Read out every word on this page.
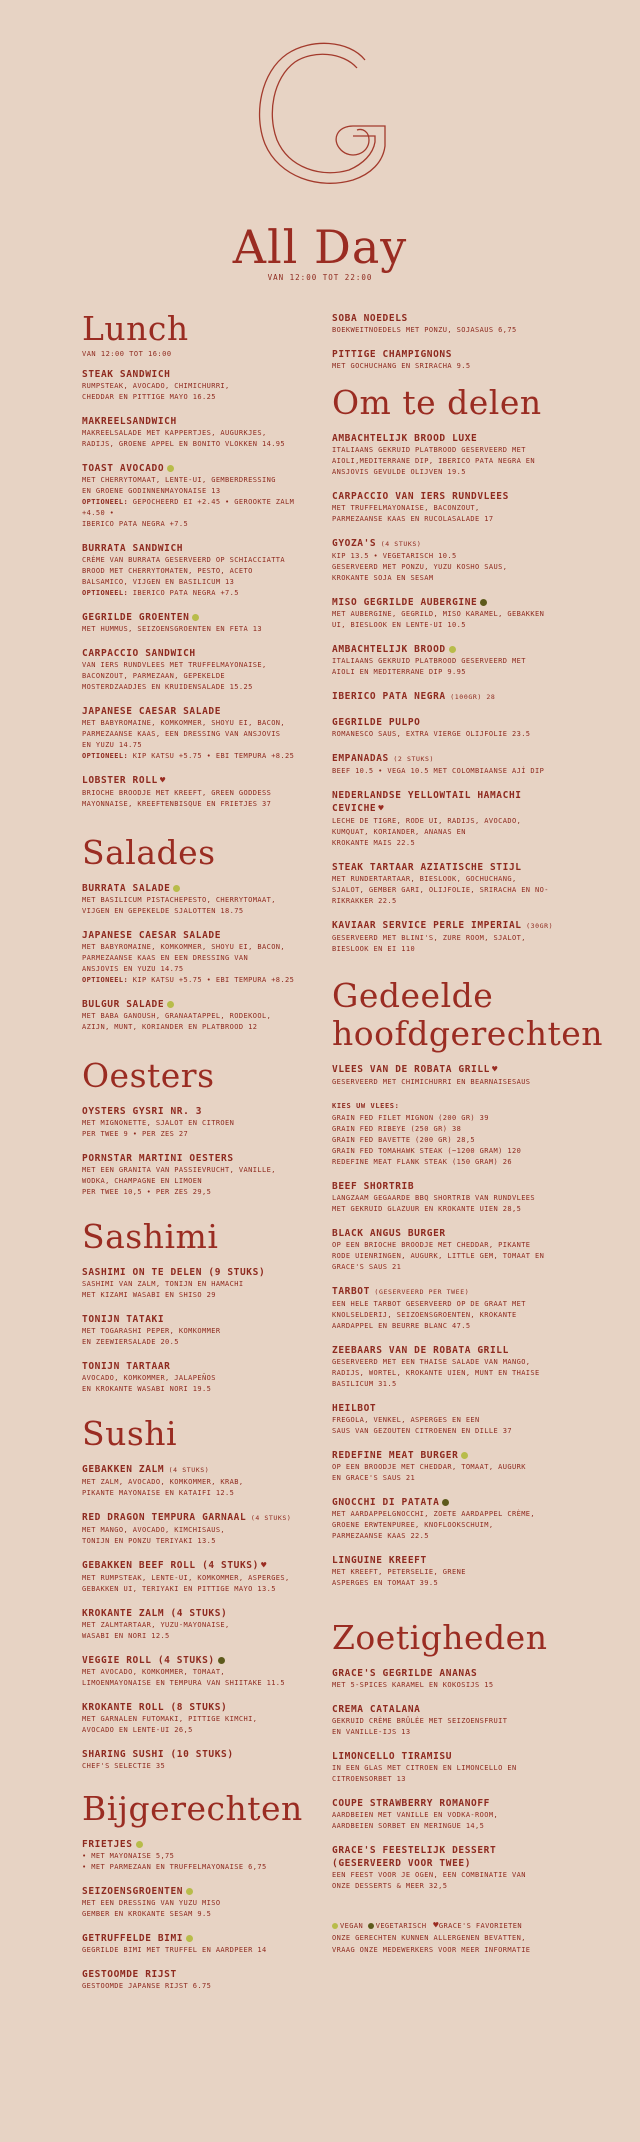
All Day
VAN 12:00 TOT 22:00
Lunch
VAN 12:00 TOT 16:00
STEAK SANDWICH
RUMPSTEAK, AVOCADO, CHIMICHURRI,
CHEDDAR EN PITTIGE MAYO 16.25
MAKREELSANDWICH
MAKREELSALADE MET KAPPERTJES, AUGURKJES,
RADIJS, GROENE APPEL EN BONITO VLOKKEN 14.95
TOAST AVOCADO
MET CHERRYTOMAAT, LENTE-UI, GEMBERDRESSING
EN GROENE GODINNENMAYONAISE 13
OPTIONEEL: GEPOCHEERD EI +2.45 • GEROOKTE ZALM +4.50 •
IBERICO PATA NEGRA +7.5
BURRATA SANDWICH
CRÈME VAN BURRATA GESERVEERD OP SCHIACCIATTA
BROOD MET CHERRYTOMATEN, PESTO, ACETO
BALSAMICO, VIJGEN EN BASILICUM 13
OPTIONEEL: IBERICO PATA NEGRA +7.5
GEGRILDE GROENTEN
MET HUMMUS, SEIZOENSGROENTEN EN FETA 13
CARPACCIO SANDWICH
VAN IERS RUNDVLEES MET TRUFFELMAYONAISE,
BACONZOUT, PARMEZAAN, GEPEKELDE
MOSTERDZAADJES EN KRUIDENSALADE 15.25
JAPANESE CAESAR SALADE
MET BABYROMAINE, KOMKOMMER, SHOYU EI, BACON,
PARMEZAANSE KAAS, EEN DRESSING VAN ANSJOVIS
EN YUZU 14.75
OPTIONEEL: KIP KATSU +5.75 • EBI TEMPURA +8.25
LOBSTER ROLL ♥
BRIOCHE BROODJE MET KREEFT, GREEN GODDESS
MAYONNAISE, KREEFTENBISQUE EN FRIETJES 37
Salades
BURRATA SALADE
MET BASILICUM PISTACHEPESTO, CHERRYTOMAAT,
VIJGEN EN GEPEKELDE SJALOTTEN 18.75
JAPANESE CAESAR SALADE
MET BABYROMAINE, KOMKOMMER, SHOYU EI, BACON,
PARMEZAANSE KAAS EN EEN DRESSING VAN
ANSJOVIS EN YUZU 14.75
OPTIONEEL: KIP KATSU +5.75 • EBI TEMPURA +8.25
BULGUR SALADE
MET BABA GANOUSH, GRANAATAPPEL, RODEKOOL,
AZIJN, MUNT, KORIANDER EN PLATBROOD 12
Oesters
OYSTERS GYSRI NR. 3
MET MIGNONETTE, SJALOT EN CITROEN
PER TWEE 9 • PER ZES 27
PORNSTAR MARTINI OESTERS
MET EEN GRANITA VAN PASSIEVRUCHT, VANILLE,
WODKA, CHAMPAGNE EN LIMOEN
PER TWEE 10,5 • PER ZES 29,5
Sashimi
SASHIMI ON TE DELEN (9 STUKS)
SASHIMI VAN ZALM, TONIJN EN HAMACHI
MET KIZAMI WASABI EN SHISO 29
TONIJN TATAKI
MET TOGARASHI PEPER, KOMKOMMER
EN ZEEWIERSALADE 20.5
TONIJN TARTAAR
AVOCADO, KOMKOMMER, JALAPEÑOS
EN KROKANTE WASABI NORI 19.5
Sushi
GEBAKKEN ZALM (4 STUKS)
MET ZALM, AVOCADO, KOMKOMMER, KRAB,
PIKANTE MAYONAISE EN KATAIFI 12.5
RED DRAGON TEMPURA GARNAAL (4 STUKS)
MET MANGO, AVOCADO, KIMCHISAUS,
TONIJN EN PONZU TERIYAKI 13.5
GEBAKKEN BEEF ROLL (4 STUKS) ♥
MET RUMPSTEAK, LENTE-UI, KOMKOMMER, ASPERGES,
GEBAKKEN UI, TERIYAKI EN PITTIGE MAYO 13.5
KROKANTE ZALM (4 STUKS)
MET ZALMTARTAAR, YUZU-MAYONAISE,
WASABI EN NORI 12.5
VEGGIE ROLL (4 STUKS)
MET AVOCADO, KOMKOMMER, TOMAAT,
LIMOENMAYONAISE EN TEMPURA VAN SHIITAKE 11.5
KROKANTE ROLL (8 STUKS)
MET GARNALEN FUTOMAKI, PITTIGE KIMCHI,
AVOCADO EN LENTE-UI 26,5
SHARING SUSHI (10 STUKS)
CHEF'S SELECTIE 35
Bijgerechten
FRIETJES
• MET MAYONAISE 5,75
• MET PARMEZAAN EN TRUFFELMAYONAISE 6,75
SEIZOENSGROENTEN
MET EEN DRESSING VAN YUZU MISO
GEMBER EN KROKANTE SESAM 9.5
GETRUFFELDE BIMI
GEGRILDE BIMI MET TRUFFEL EN AARDPEER 14
GESTOOMDE RIJST
GESTOOMDE JAPANSE RIJST 6.75
SOBA NOEDELS
BOEKWEITNOEDELS MET PONZU, SOJASAUS 6,75
PITTIGE CHAMPIGNONS
MET GOCHUCHANG EN SRIRACHA 9.5
Om te delen
AMBACHTELIJK BROOD LUXE
ITALIAANS GEKRUID PLATBROOD GESERVEERD MET
AIOLI,MEDITERRANE DIP, IBERICO PATA NEGRA EN
ANSJOVIS GEVULDE OLIJVEN 19.5
CARPACCIO VAN IERS RUNDVLEES
MET TRUFFELMAYONAISE, BACONZOUT,
PARMEZAANSE KAAS EN RUCOLASALADE 17
GYOZA'S (4 STUKS)
KIP 13.5 • VEGETARISCH 10.5
GESERVEERD MET PONZU, YUZU KOSHO SAUS,
KROKANTE SOJA EN SESAM
MISO GEGRILDE AUBERGINE
MET AUBERGINE, GEGRILD, MISO KARAMEL, GEBAKKEN
UI, BIESLOOK EN LENTE-UI 10.5
AMBACHTELIJK BROOD
ITALIAANS GEKRUID PLATBROOD GESERVEERD MET
AIOLI EN MEDITERRANE DIP 9.95
IBERICO PATA NEGRA (100GR) 28
GEGRILDE PULPO
ROMANESCO SAUS, EXTRA VIERGE OLIJFOLIE 23.5
EMPANADAS (2 STUKS)
BEEF 10.5 • VEGA 10.5 MET COLOMBIAANSE AJÍ DIP
NEDERLANDSE YELLOWTAIL HAMACHI CEVICHE ♥
LECHE DE TIGRE, RODE UI, RADIJS, AVOCADO,
KUMQUAT, KORIANDER, ANANAS EN
KROKANTE MAIS 22.5
STEAK TARTAAR AZIATISCHE STIJL
MET RUNDERTARTAAR, BIESLOOK, GOCHUCHANG,
SJALOT, GEMBER GARI, OLIJFOLIE, SRIRACHA EN NO-
RIKRAKKER 22.5
KAVIAAR SERVICE PERLE IMPERIAL (30GR)
GESERVEERD MET BLINI'S, ZURE ROOM, SJALOT,
BIESLOOK EN EI 110
Gedeelde hoofdgerechten
VLEES VAN DE ROBATA GRILL ♥
GESERVEERD MET CHIMICHURRI EN BEARNAISESAUS
KIES UW VLEES:
GRAIN FED FILET MIGNON (200 GR) 39
GRAIN FED RIBEYE (250 GR) 38
GRAIN FED BAVETTE (200 GR) 28,5
GRAIN FED TOMAHAWK STEAK (~1200 GRAM) 120
REDEFINE MEAT FLANK STEAK (150 GRAM) 26
BEEF SHORTRIB
LANGZAAM GEGAARDE BBQ SHORTRIB VAN RUNDVLEES
MET GEKRUID GLAZUUR EN KROKANTE UIEN 28,5
BLACK ANGUS BURGER
OP EEN BRIOCHE BROODJE MET CHEDDAR, PIKANTE
RODE UIENRINGEN, AUGURK, LITTLE GEM, TOMAAT EN
GRACE'S SAUS 21
TARBOT (GESERVEERD PER TWEE)
EEN HELE TARBOT GESERVEERD OP DE GRAAT MET
KNOLSELDERIJ, SEIZOENSGROENTEN, KROKANTE
AARDAPPEL EN BEURRE BLANC 47.5
ZEEBAARS VAN DE ROBATA GRILL
GESERVEERD MET EEN THAISE SALADE VAN MANGO,
RADIJS, WORTEL, KROKANTE UIEN, MUNT EN THAISE
BASILICUM 31.5
HEILBOT
FREGOLA, VENKEL, ASPERGES EN EEN
SAUS VAN GEZOUTEN CITROENEN EN DILLE 37
REDEFINE MEAT BURGER
OP EEN BROODJE MET CHEDDAR, TOMAAT, AUGURK
EN GRACE'S SAUS 21
GNOCCHI DI PATATA
MET AARDAPPELGNOCCHI, ZOETE AARDAPPEL CRÈME,
GROENE ERWTENPUREE, KNOFLOOKSCHUIM,
PARMEZAANSE KAAS 22.5
LINGUINE KREEFT
MET KREEFT, PETERSELIE, GRENE
ASPERGES EN TOMAAT 39.5
Zoetigheden
GRACE'S GEGRILDE ANANAS
MET 5-SPICES KARAMEL EN KOKOSIJS 15
CREMA CATALANA
GEKRUID CRÈME BRÛLÉE MET SEIZOENSFRUIT
EN VANILLE-IJS 13
LIMONCELLO TIRAMISU
IN EEN GLAS MET CITROEN EN LIMONCELLO EN
CITROENSORBET 13
COUPE STRAWBERRY ROMANOFF
AARDBEIEN MET VANILLE EN VODKA-ROOM,
AARDBEIEN SORBET EN MERINGUE 14,5
GRACE'S FEESTELIJK DESSERT (GESERVEERD VOOR TWEE)
EEN FEEST VOOR JE OGEN, EEN COMBINATIE VAN
ONZE DESSERTS & MEER 32,5
VEGAN VEGETARISCH ♥GRACE'S FAVORIETEN
ONZE GERECHTEN KUNNEN ALLERGENEN BEVATTEN,
VRAAG ONZE MEDEWERKERS VOOR MEER INFORMATIE
